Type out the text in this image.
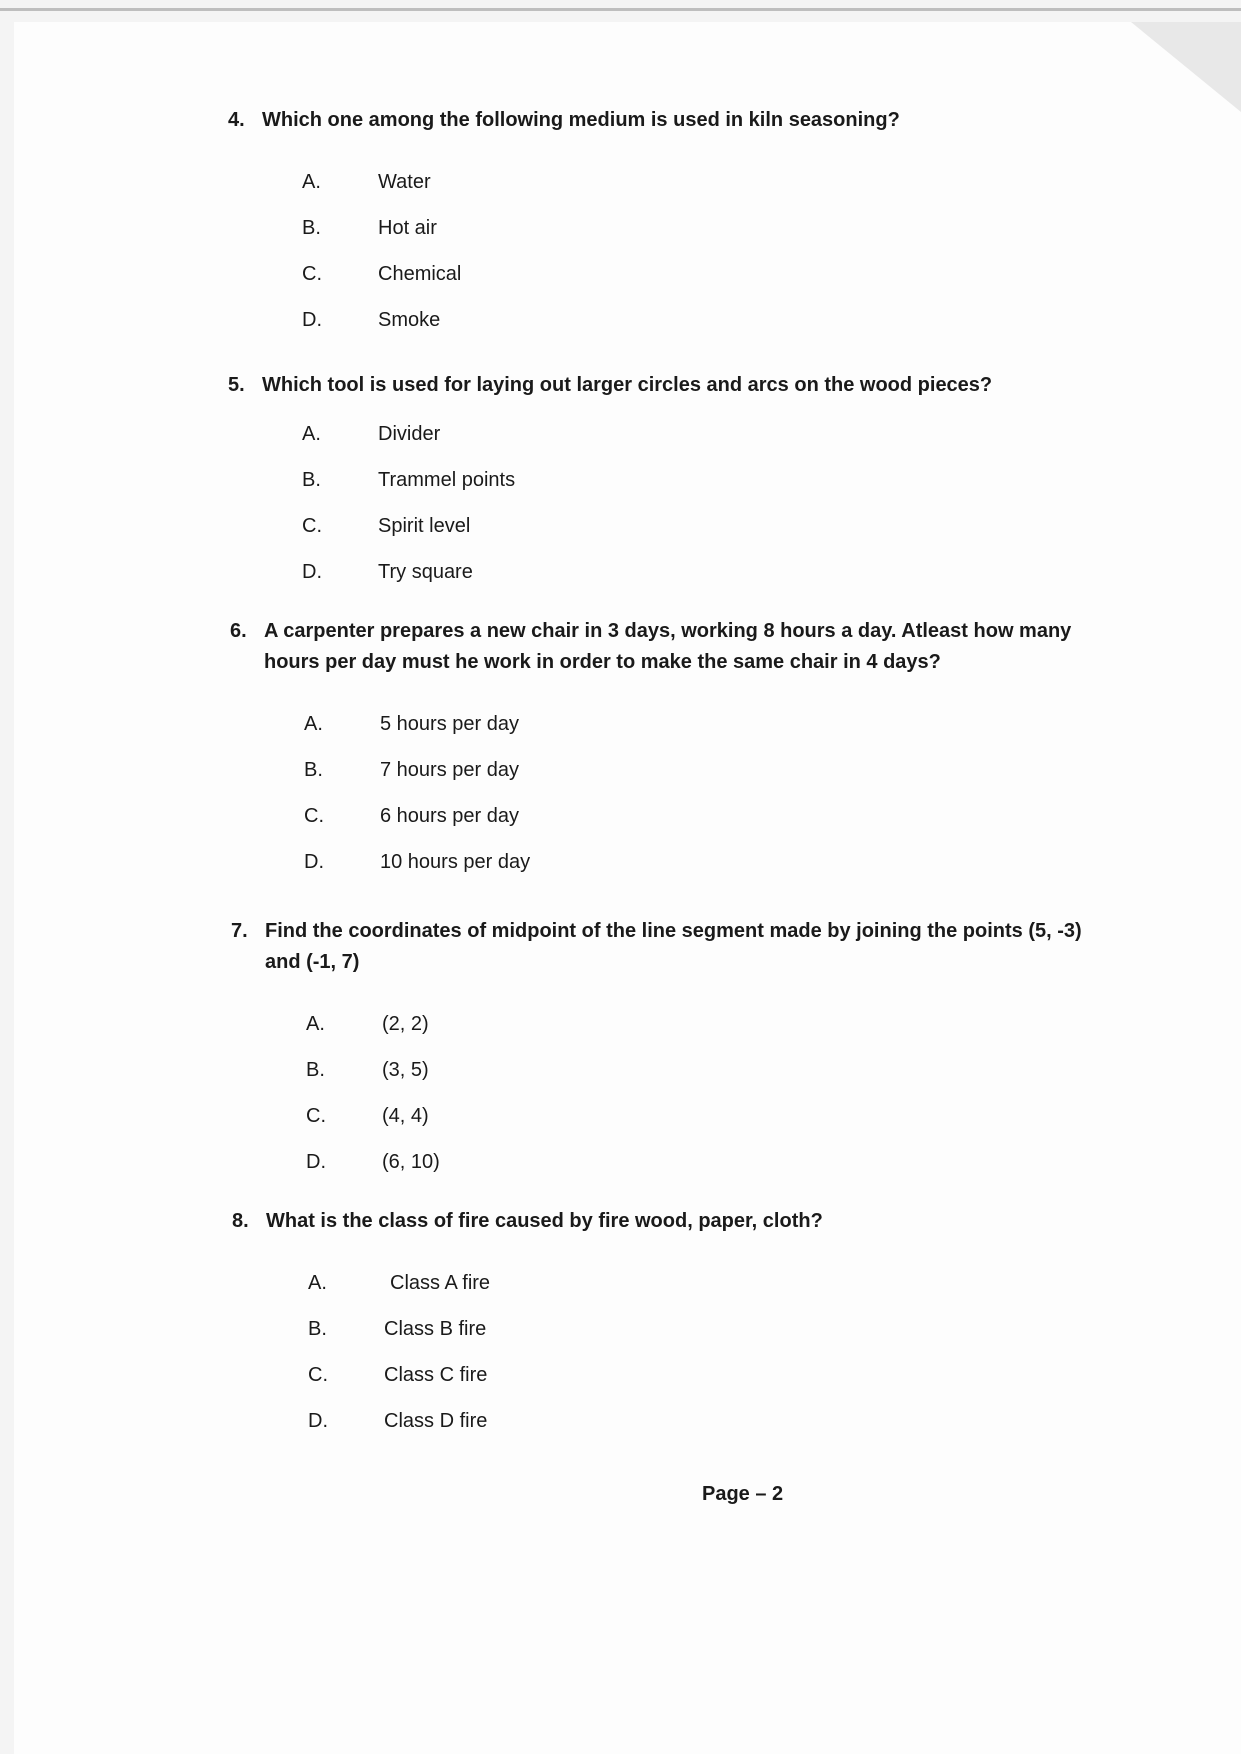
4. Which one among the following medium is used in kiln seasoning?
A.	Water
B.	Hot air
C.	Chemical
D.	Smoke
5. Which tool is used for laying out larger circles and arcs on the wood pieces?
A.	Divider
B.	Trammel points
C.	Spirit level
D.	Try square
6. A carpenter prepares a new chair in 3 days, working 8 hours a day. Atleast how many
hours per day must he work in order to make the same chair in 4 days?
A.	5 hours per day
B.	7 hours per day
C.	6 hours per day
D.	10 hours per day
7. Find the coordinates of midpoint of the line segment made by joining the points (5, -3)
and (-1, 7)
A.	(2, 2)
B.	(3, 5)
C.	(4, 4)
D.	(6, 10)
8. What is the class of fire caused by fire wood, paper, cloth?
A.	Class A fire
B.	Class B fire
C.	Class C fire
D.	Class D fire
Page – 2
